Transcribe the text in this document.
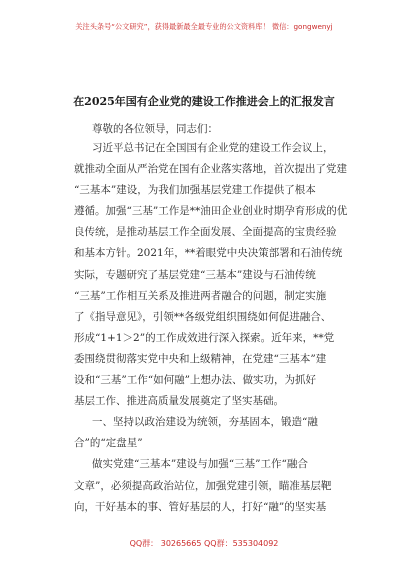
关注头条号“公文研究”，获得最新最全最专业的公文资料库！ 微信：gongwenyj
在2025年国有企业党的建设工作推进会上的汇报发言
尊敬的各位领导，同志们：
习近平总书记在全国国有企业党的建设工作会议上，
就推动全面从严治党在国有企业落实落地，首次提出了党建
“三基本”建设，为我们加强基层党建工作提供了根本
遵循。加强“三基”工作是**油田企业创业时期孕育形成的优
良传统，是推动基层工作全面发展、全面提高的宝贵经验
和基本方针。2021年，**着眼党中央决策部署和石油传统
实际，专题研究了基层党建“三基本”建设与石油传统
“三基”工作相互关系及推进两者融合的问题，制定实施
了《指导意见》，引领**各级党组织围绕如何促进融合、
形成“1+1＞2”的工作成效进行深入探索。近年来，**党
委围绕贯彻落实党中央和上级精神，在党建“三基本”建
设和“三基”工作“如何融”上想办法、做实功，为抓好
基层工作、推进高质量发展奠定了坚实基础。
一、坚持以政治建设为统领，夯基固本，锻造“融
合”的“定盘星”
做实党建“三基本”建设与加强“三基”工作“融合
文章”，必须提高政治站位，加强党建引领，瞄准基层靶
向，干好基本的事、管好基层的人，打好“融”的坚实基
QQ群： 30265665 QQ群：535304092
